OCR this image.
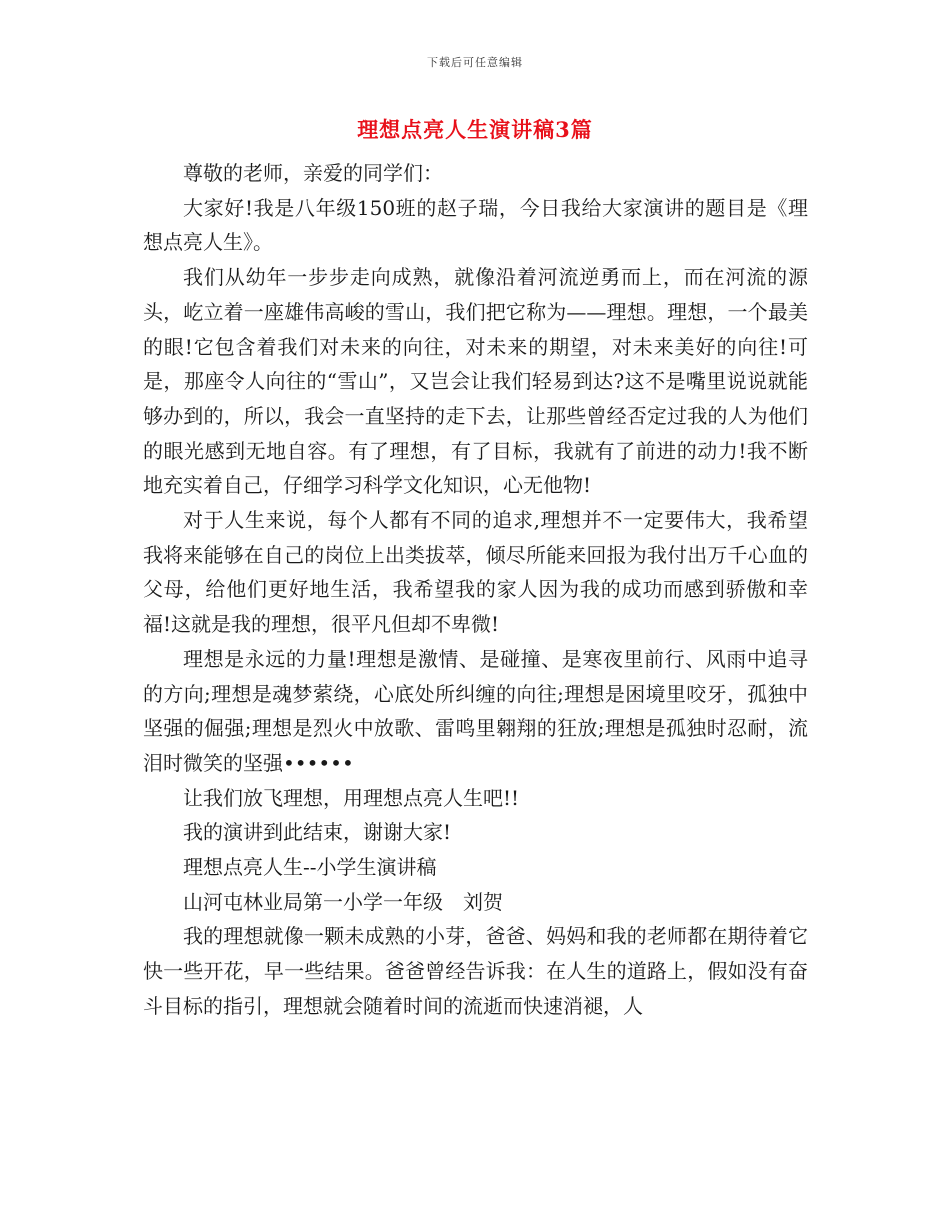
下载后可任意编辑
理想点亮人生演讲稿3篇

尊敬的老师，亲爱的同学们：

大家好!我是八年级150班的赵子瑞，今日我给大家演讲的题目是《理想点亮人生》。

我们从幼年一步步走向成熟，就像沿着河流逆勇而上，而在河流的源头，屹立着一座雄伟高峻的雪山，我们把它称为——理想。理想，一个最美的眼!它包含着我们对未来的向往，对未来的期望，对未来美好的向往!可是，那座令人向往的“雪山”，又岂会让我们轻易到达?这不是嘴里说说就能够办到的，所以，我会一直坚持的走下去，让那些曾经否定过我的人为他们的眼光感到无地自容。有了理想，有了目标，我就有了前进的动力!我不断地充实着自己，仔细学习科学文化知识，心无他物!

对于人生来说，每个人都有不同的追求,理想并不一定要伟大，我希望我将来能够在自己的岗位上出类拔萃，倾尽所能来回报为我付出万千心血的父母，给他们更好地生活，我希望我的家人因为我的成功而感到骄傲和幸福!这就是我的理想，很平凡但却不卑微!

理想是永远的力量!理想是激情、是碰撞、是寒夜里前行、风雨中追寻的方向;理想是魂梦萦绕，心底处所纠缠的向往;理想是困境里咬牙，孤独中坚强的倔强;理想是烈火中放歌、雷鸣里翱翔的狂放;理想是孤独时忍耐，流泪时微笑的坚强••••••

让我们放飞理想，用理想点亮人生吧!!

我的演讲到此结束，谢谢大家!

理想点亮人生--小学生演讲稿

山河屯林业局第一小学一年级　刘贺

我的理想就像一颗未成熟的小芽，爸爸、妈妈和我的老师都在期待着它快一些开花，早一些结果。爸爸曾经告诉我：在人生的道路上，假如没有奋斗目标的指引，理想就会随着时间的流逝而快速消褪，人
